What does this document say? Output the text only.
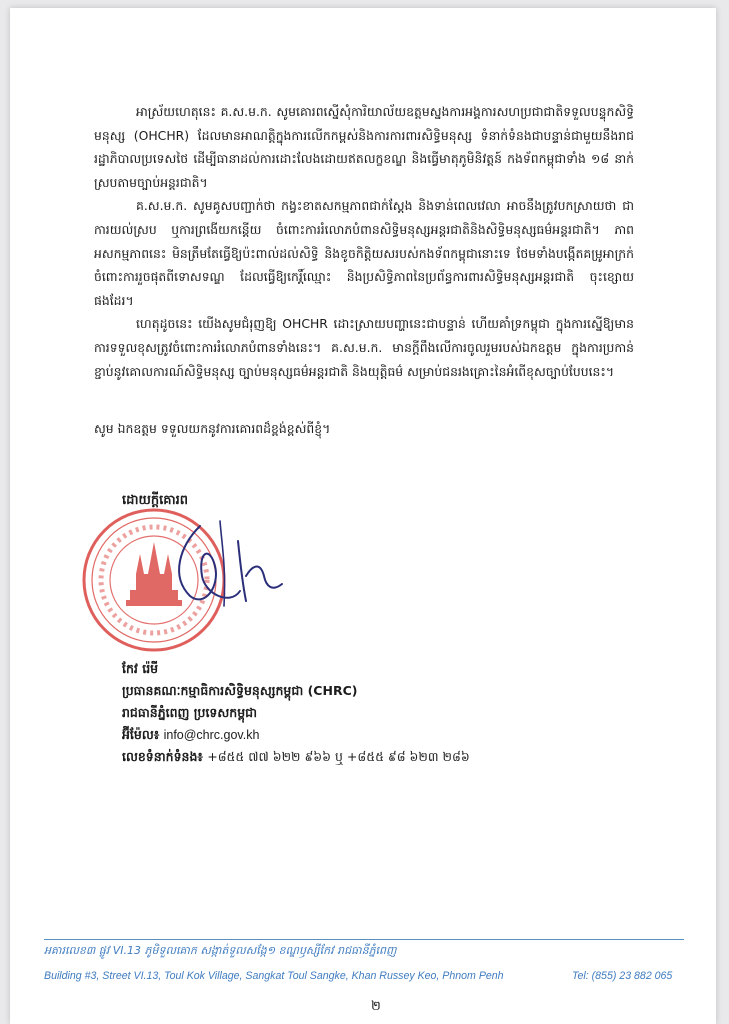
អាស្រ័យហេតុនេះ គ.ស.ម.ក. សូមគោរពស្នើសុំការិយាល័យឧត្តមស្នងការអង្គការសហប្រជាជាតិទទួលបន្ទុកសិទ្ធិមនុស្ស (OHCHR) ដែលមានអាណត្តិក្នុងការលើកកម្ពស់និងការការពារសិទ្ធិមនុស្ស ទំនាក់ទំនងជាបន្ទាន់ជាមួយនឹងរាជរដ្ឋាភិបាលប្រទេសថៃ ដើម្បីធានាដល់ការដោះលែងដោយឥតលក្ខខណ្ឌ និងធ្វើមាតុភូមិនិវត្តន៍ កងទ័ពកម្ពុជាទាំង ១៨ នាក់ ស្របតាមច្បាប់អន្តរជាតិ។

គ.ស.ម.ក. សូមគូសបញ្ជាក់ថា កង្វះខាតសកម្មភាពជាក់ស្តែង និងទាន់ពេលវេលា អាចនឹងត្រូវបកស្រាយថា ជាការយល់ស្រប ឬការព្រងើយកន្តើយ ចំពោះការរំលោភបំពានសិទ្ធិមនុស្សអន្តរជាតិនិងសិទ្ធិមនុស្សធម៌អន្តរជាតិ។ ភាពអសកម្មភាពនេះ មិនត្រឹមតែធ្វើឱ្យប៉ះពាល់ដល់សិទ្ធិ និងខូចកិត្តិយសរបស់កងទ័ពកម្ពុជានោះទេ ថែមទាំងបង្កើតគម្រូអាក្រក់ចំពោះការរួចផុតពីទោសទណ្ឌ ដែលធ្វើឱ្យកេរ្តិ៍ឈ្មោះ និងប្រសិទ្ធិភាពនៃប្រព័ន្ធការពារសិទ្ធិមនុស្សអន្តរជាតិ ចុះខ្សោយផងដែរ។

ហេតុដូចនេះ យើងសូមជំរុញឱ្យ OHCHR ដោះស្រាយបញ្ហានេះជាបន្ទាន់ ហើយគាំទ្រកម្ពុជា ក្នុងការស្នើឱ្យមានការទទួលខុសត្រូវចំពោះការរំលោភបំពានទាំងនេះ។ គ.ស.ម.ក. មានក្តីពឹងលើការចូលរួមរបស់ឯកឧត្តម ក្នុងការប្រកាន់ខ្ជាប់នូវគោលការណ៍សិទ្ធិមនុស្ស ច្បាប់មនុស្សធម៌អន្តរជាតិ និងយុត្តិធម៌ សម្រាប់ជនរងគ្រោះនៃអំពើខុសច្បាប់បែបនេះ។

សូម ឯកឧត្តម ទទួលយកនូវការគោរពដ៏ខ្ពង់ខ្ពស់ពីខ្ញុំ។
ដោយក្តីគោរព
កែវ រ៉េមី
ប្រធានគណៈកម្មាធិការសិទ្ធិមនុស្សកម្ពុជា (CHRC)
រាជធានីភ្នំពេញ ប្រទេសកម្ពុជា
អ៊ីម៉ែល៖ info@chrc.gov.kh
លេខទំនាក់ទំនង៖ +៨៥៥ ៧៧ ៦២២ ៩៦៦ ឬ +៨៥៥ ៩៨ ៦២៣ ២៨៦
អគារលេខ៣ ផ្លូវ VI.13 ភូមិទួលគោក សង្កាត់ទួលសង្កែ១ ខណ្ឌឫស្សីកែវ រាជធានីភ្នំពេញ
Building #3, Street VI.13, Toul Kok Village, Sangkat Toul Sangke, Khan Russey Keo, Phnom Penh	Tel: (855) 23 882 065
២
